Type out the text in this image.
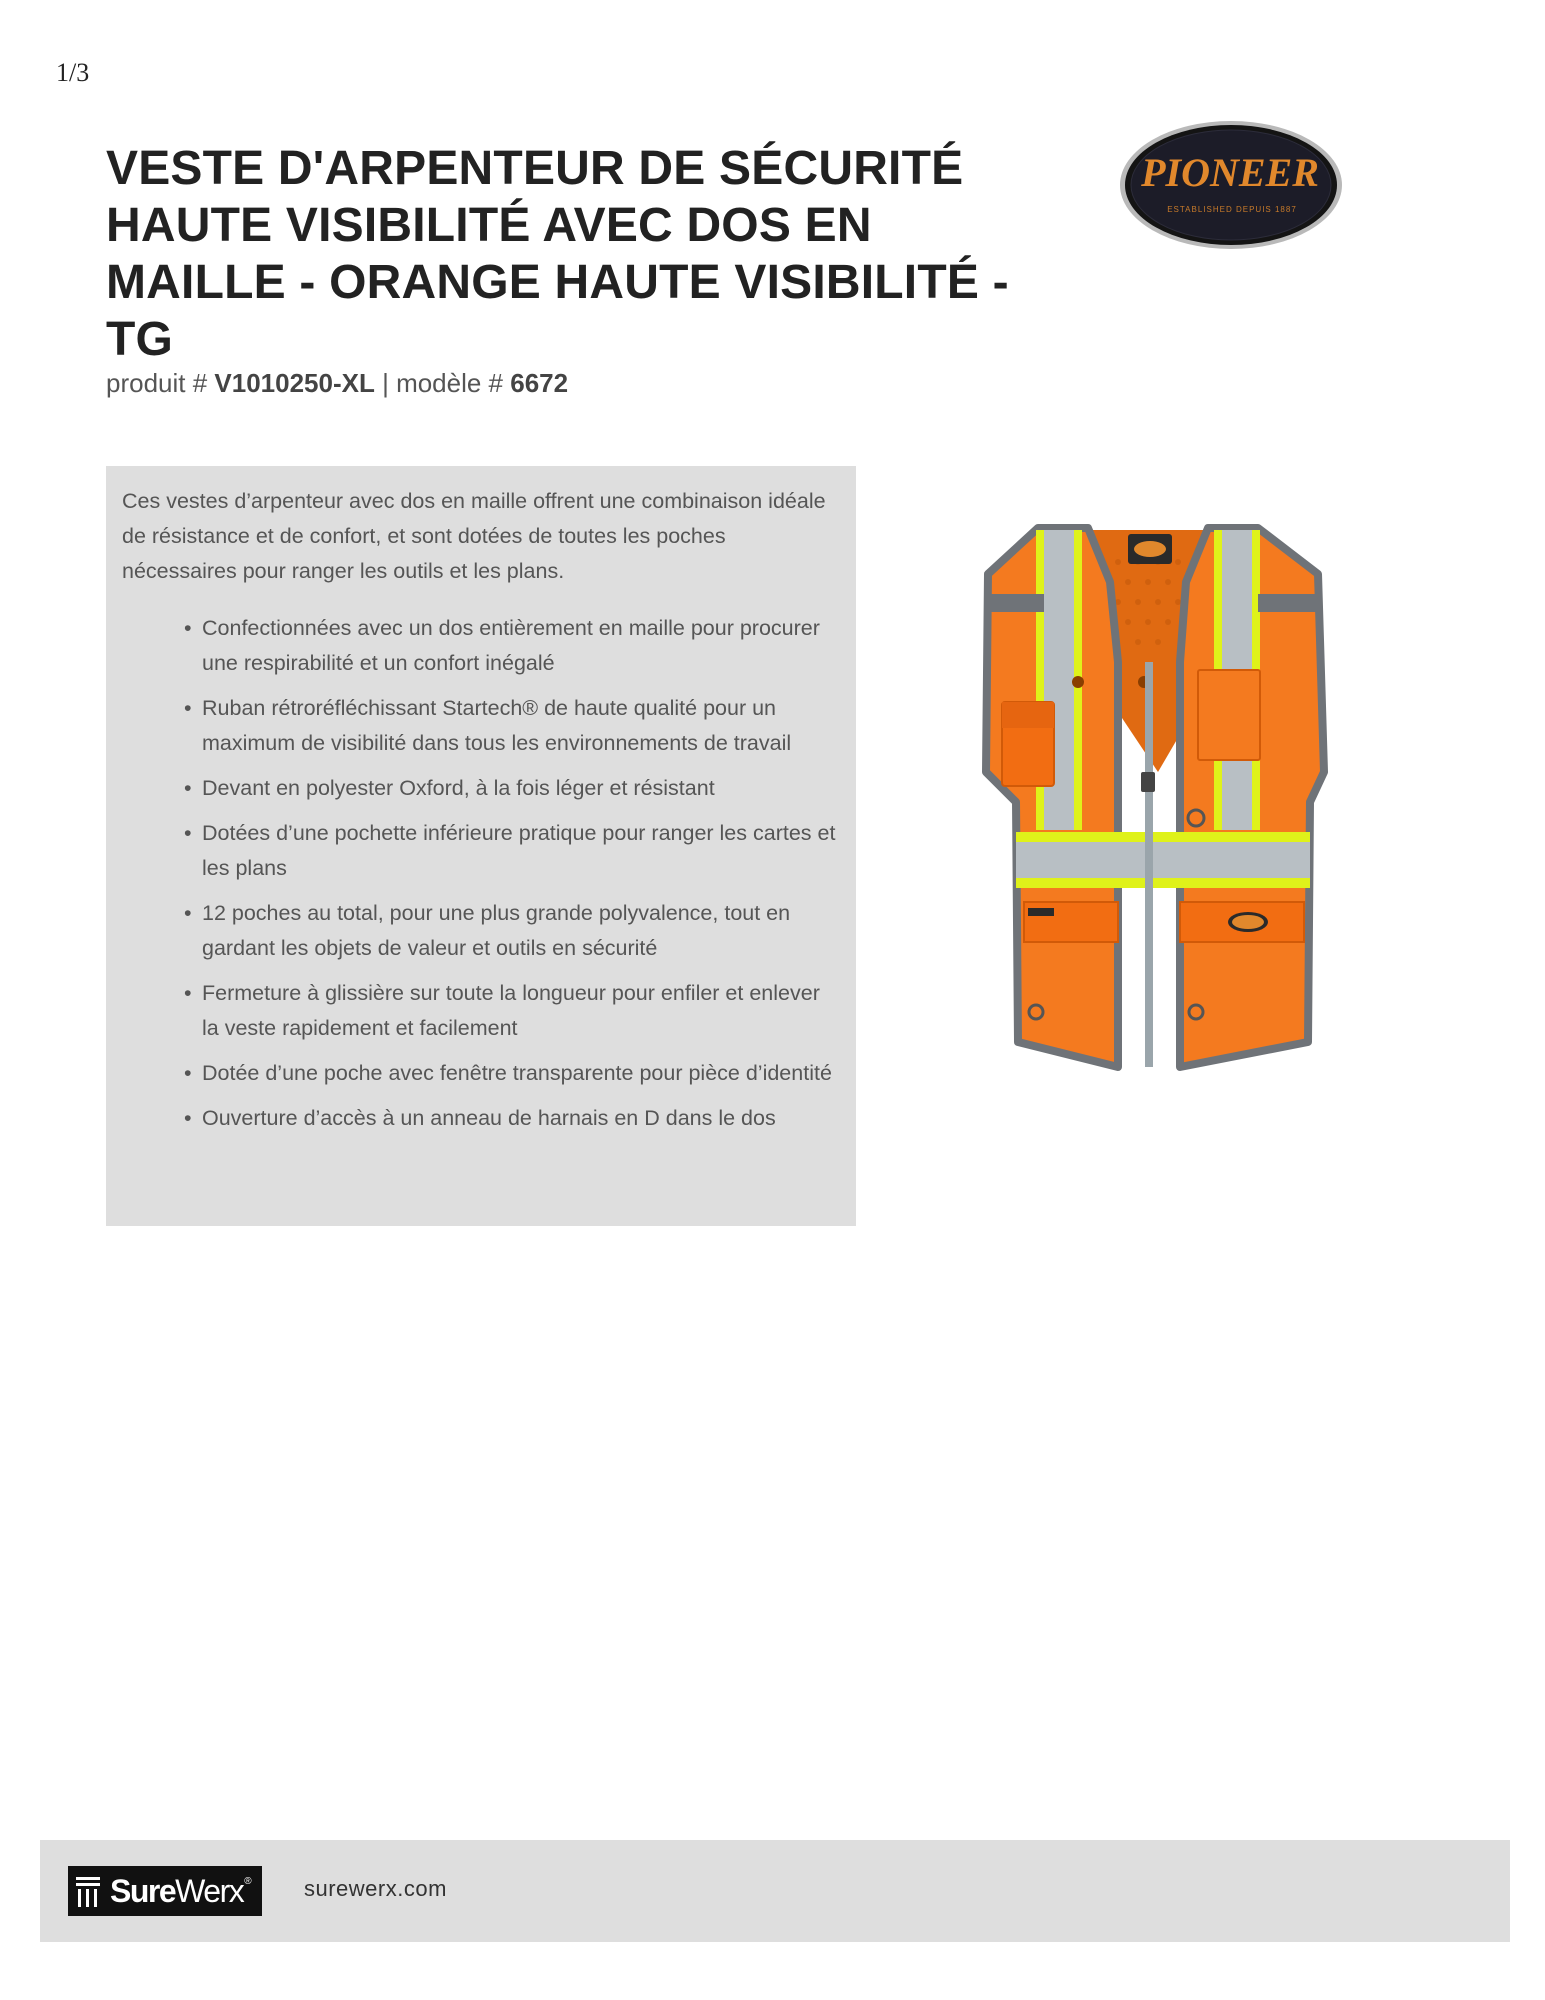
1/3
VESTE D'ARPENTEUR DE SÉCURITÉ HAUTE VISIBILITÉ AVEC DOS EN MAILLE - ORANGE HAUTE VISIBILITÉ - TG
produit # V1010250-XL | modèle # 6672
PIONEER
ESTABLISHED DEPUIS 1887

Ces vestes d’arpenteur avec dos en maille offrent une combinaison idéale de résistance et de confort, et sont dotées de toutes les poches nécessaires pour ranger les outils et les plans.

• Confectionnées avec un dos entièrement en maille pour procurer une respirabilité et un confort inégalé
• Ruban rétroréfléchissant Startech® de haute qualité pour un maximum de visibilité dans tous les environnements de travail
• Devant en polyester Oxford, à la fois léger et résistant
• Dotées d’une pochette inférieure pratique pour ranger les cartes et les plans
• 12 poches au total, pour une plus grande polyvalence, tout en gardant les objets de valeur et outils en sécurité
• Fermeture à glissière sur toute la longueur pour enfiler et enlever la veste rapidement et facilement
• Dotée d’une poche avec fenêtre transparente pour pièce d’identité
• Ouverture d’accès à un anneau de harnais en D dans le dos
SureWerx ® surewerx.com
